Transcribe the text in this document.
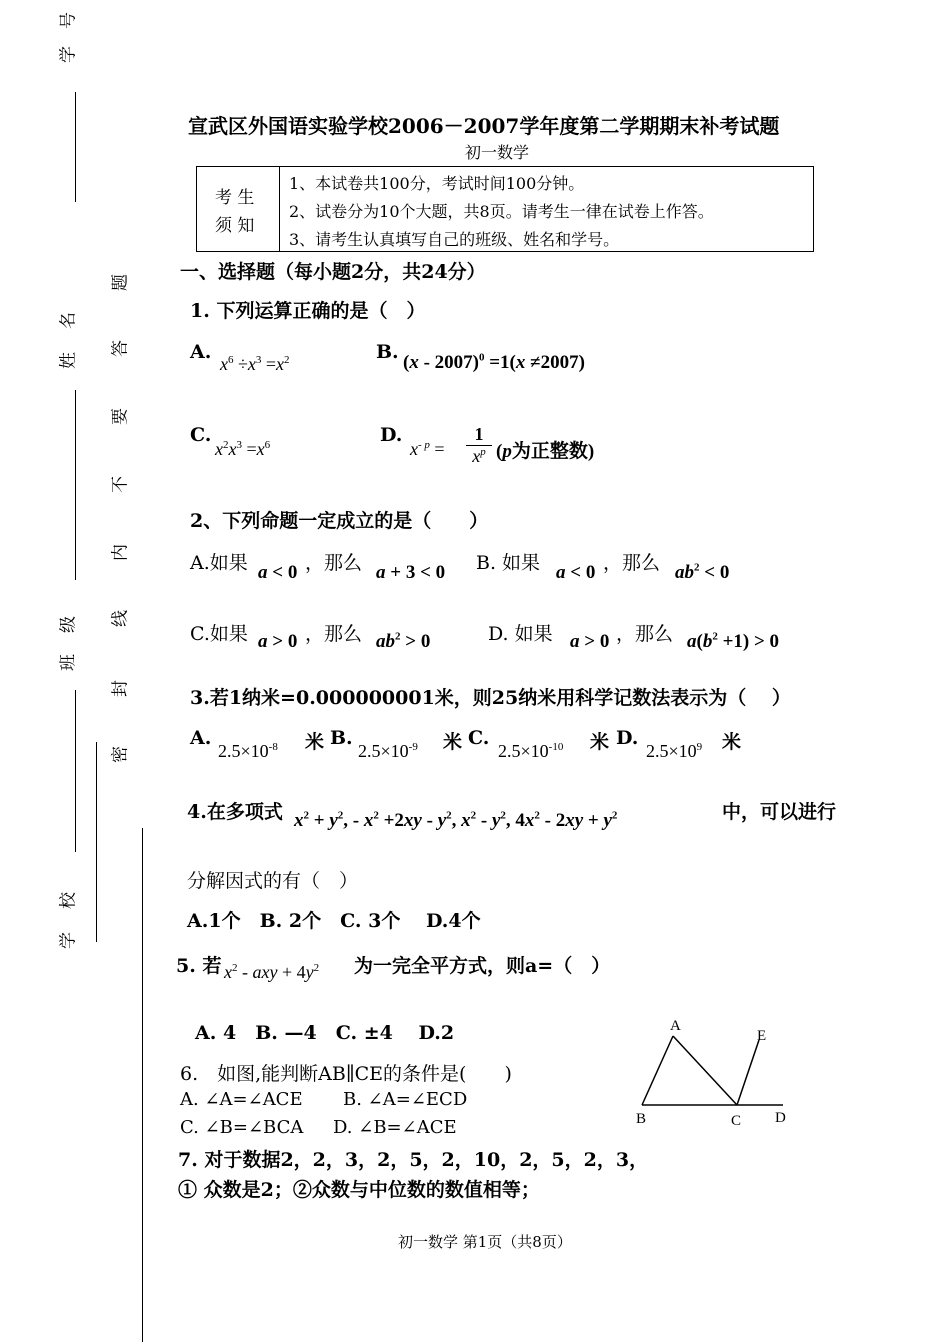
学
号
姓
名
班
级
学
校
题
答
要
不
内
线
封
密
宣武区外国语实验学校2006－2007学年度第二学期期末补考试题
初一数学
考 生
须 知
1、本试卷共100分，考试时间100分钟。
2、试卷分为10个大题，共8页。请考生一律在试卷上作答。
3、请考生认真填写自己的班级、姓名和学号。
一、选择题（每小题2分，共24分）
1. 下列运算正确的是（　）
A.
$x^6 \div x^3 =x^2$	B. (x - 2007)$^0$ =1(x ≠2007)
C.
$x^2x^3 =x^6$	D.
$x^{- p}$ =
1
$x^p$ (p为正整数)
2、下列命题一定成立的是（　　）
A.如果 a < 0 ，那么 a + 3 < 0 B. 如果 a < 0 ，那么 $ab^2 < 0$
C.如果 a > 0 ，那么 $ab^2 > 0$	D. 如果 a > 0 ，那么 $a(b^2 +1) > 0$
3.若1纳米=0.000000001米，则25纳米用科学记数法表示为（　 ）
A.
$2.5\times 10^{-8}$ 米 B.
$2.5\times 10^{-9}$ 米 C.
$2.5\times 10^{-10}$ 米 D.
$2.5\times 10^9$ 米
4.在多项式 $x^2 + y^2$, - $x^2 +2xy - y^2$, $x^2 - y^2$, $4x^2 - 2xy + y^2$	中，可以进行
分解因式的有（　）
A.1个　B. 2个　C. 3个　 D.4个
5. 若 $x^2$ - axy + $4y^2$ 为一完全平方式，则a=（　）
A. 4　B. —4　C. ±4　 D.2
6.　如图,能判断AB∥CE的条件是(　　)
A. ∠A=∠ACE B. ∠A=∠ECD
C. ∠B=∠BCA D. ∠B=∠ACE
A
B	C D
E
7. 对于数据2，2，3，2，5，2，10，2，5，2，3，
① 众数是2；②众数与中位数的数值相等；
初一数学 第1页（共8页）
